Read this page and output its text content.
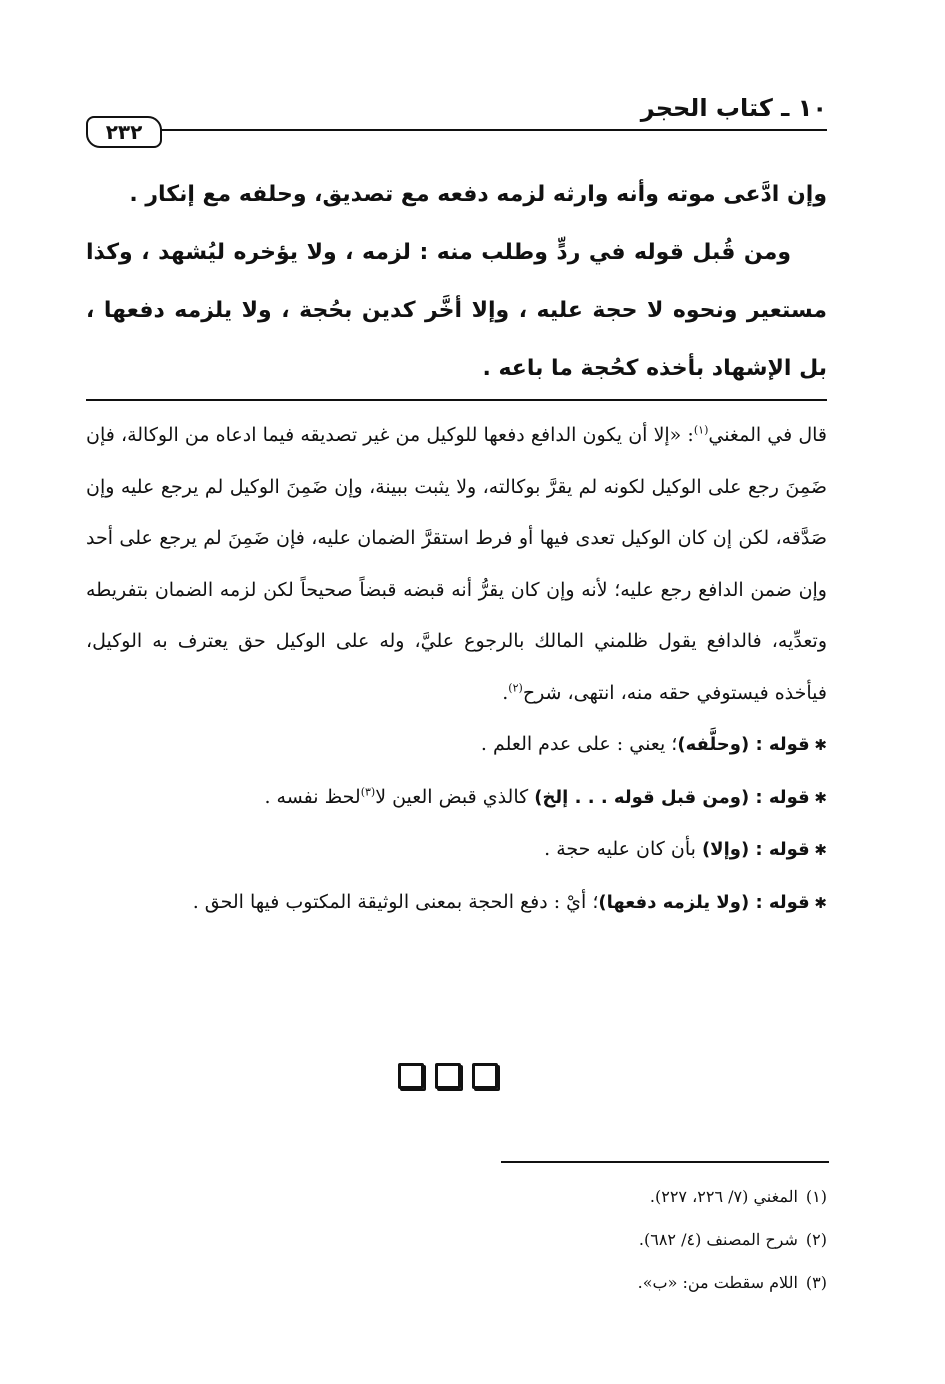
١٠ ـ كتاب الحجر
٢٣٢

وإن ادَّعى موته وأنه وارثه لزمه دفعه مع تصديق، وحلفه مع إنكار .

ومن قُبل قوله في ردٍّ وطلب منه : لزمه ، ولا يؤخره ليُشهد ، وكذا مستعير ونحوه لا حجة عليه ، وإلا أخَّر كدين بحُجة ، ولا يلزمه دفعها ، بل الإشهاد بأخذه كحُجة ما باعه .

قال في المغني$^{(١)}$: «إلا أن يكون الدافع دفعها للوكيل من غير تصديقه فيما ادعاه من الوكالة، فإن ضَمِنَ رجع على الوكيل لكونه لم يقرَّ بوكالته، ولا يثبت ببينة، وإن ضَمِنَ الوكيل لم يرجع عليه وإن صَدَّقه، لكن إن كان الوكيل تعدى فيها أو فرط استقرَّ الضمان عليه، فإن ضَمِنَ لم يرجع على أحد وإن ضمن الدافع رجع عليه؛ لأنه وإن كان يقرُّ أنه قبضه قبضاً صحيحاً لكن لزمه الضمان بتفريطه وتعدِّيه، فالدافع يقول ظلمني المالك بالرجوع عليَّ، وله على الوكيل حق يعترف به الوكيل، فيأخذه فيستوفي حقه منه، انتهى، شرح$^{(٢)}$.

✱ قوله : (وحلَّفه)؛ يعني : على عدم العلم .

✱ قوله : (ومن قبل قوله . . . إلخ) كالذي قبض العين لا$^{(٣)}$لحظ نفسه .

✱ قوله : (وإلا) بأن كان عليه حجة .

✱ قوله : (ولا يلزمه دفعها)؛ أيْ : دفع الحجة بمعنى الوثيقة المكتوب فيها الحق .

(١)المغني (٧/ ٢٢٦، ٢٢٧).

(٢)شرح المصنف (٤/ ٦٨٢).

(٣)اللام سقطت من: «ب».
